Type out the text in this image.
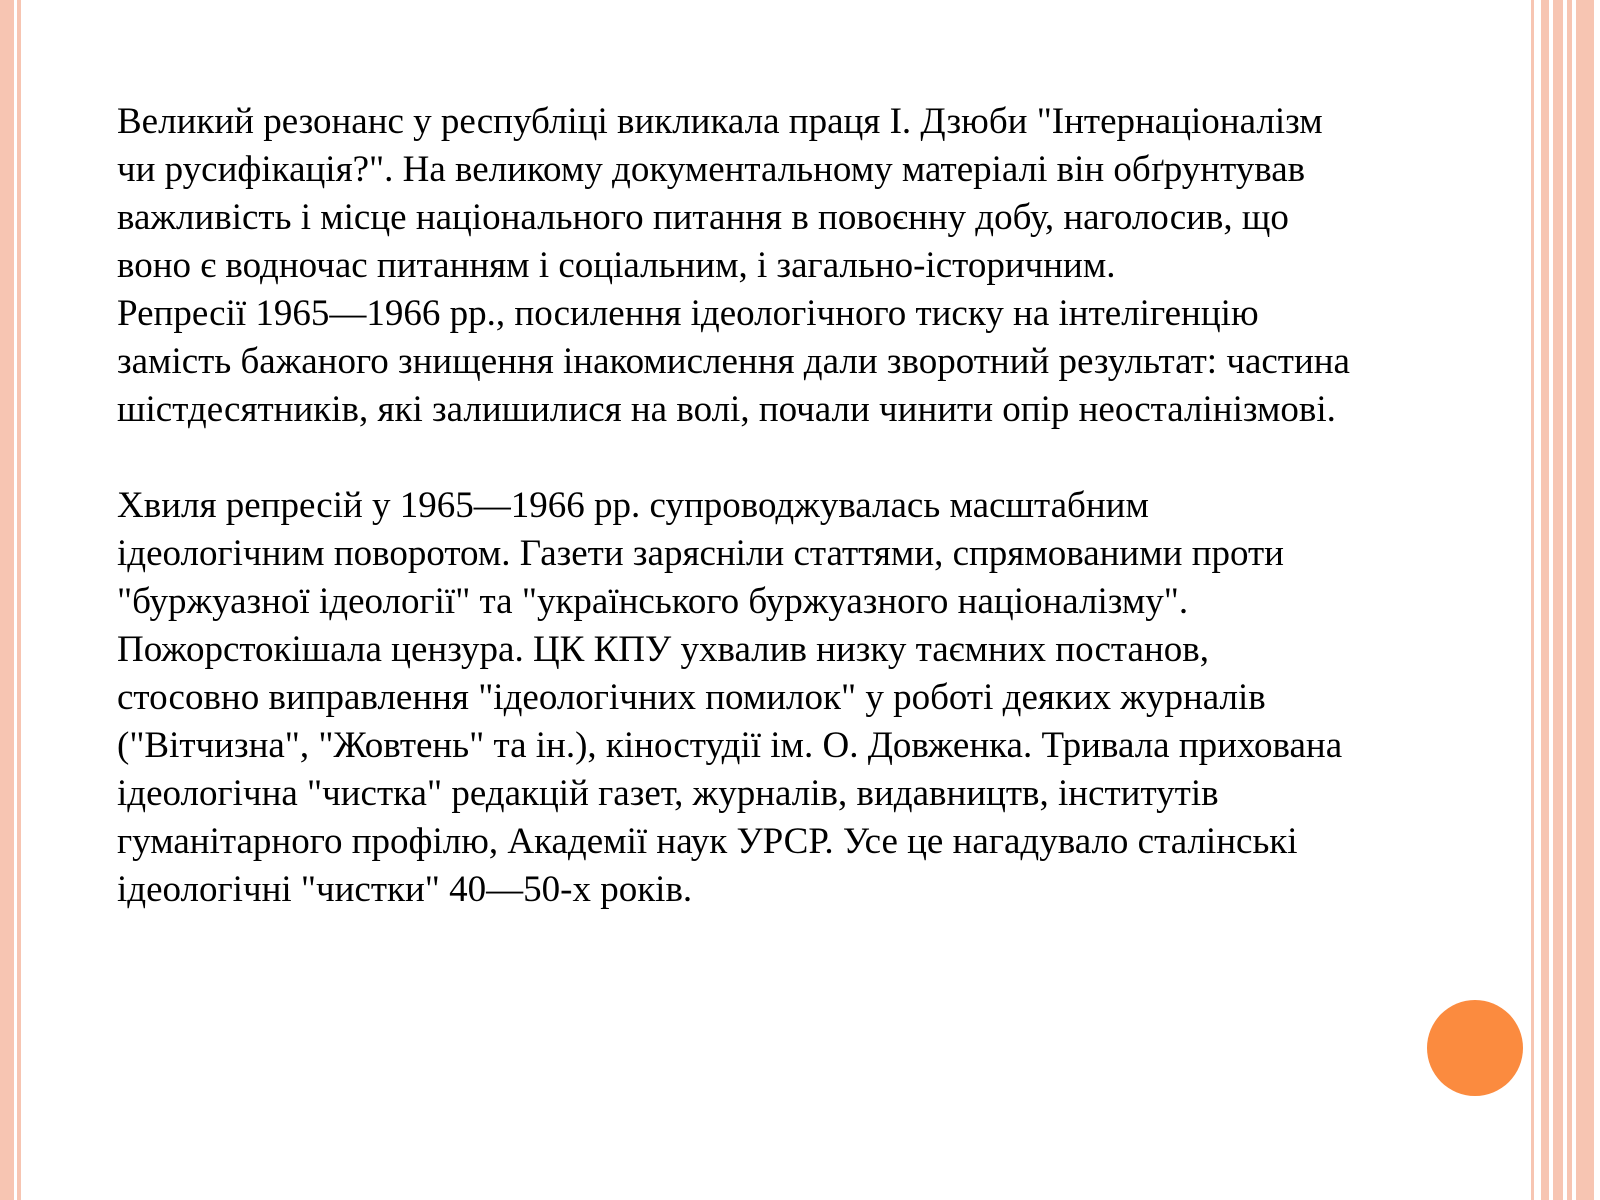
Великий резонанс у республіці викликала праця І. Дзюби "Інтернаціоналізм чи русифікація?". На великому документальному матеріалі він обґрунтував важливість і місце національного питання в повоєнну добу, наголосив, що воно є водночас питанням і соціальним, і загально-історичним.

Репресії 1965—1966 рр., посилення ідеологічного тиску на інтелігенцію замість бажаного знищення інакомислення дали зворотний результат: частина шістдесятників, які залишилися на волі, почали чинити опір неосталінізмові.

Хвиля репресій у 1965—1966 рр. супроводжувалась масштабним ідеологічним поворотом. Газети зарясніли статтями, спрямованими проти "буржуазної ідеології" та "українського буржуазного націоналізму". Пожорстокішала цензура. ЦК КПУ ухвалив низку таємних постанов, стосовно виправлення "ідеологічних помилок" у роботі деяких журналів ("Вітчизна", "Жовтень" та ін.), кіностудії ім. О. Довженка. Тривала прихована ідеологічна "чистка" редакцій газет, журналів, видавництв, інститутів гуманітарного профілю, Академії наук УРСР. Усе це нагадувало сталінські ідеологічні "чистки" 40—50-х років.
